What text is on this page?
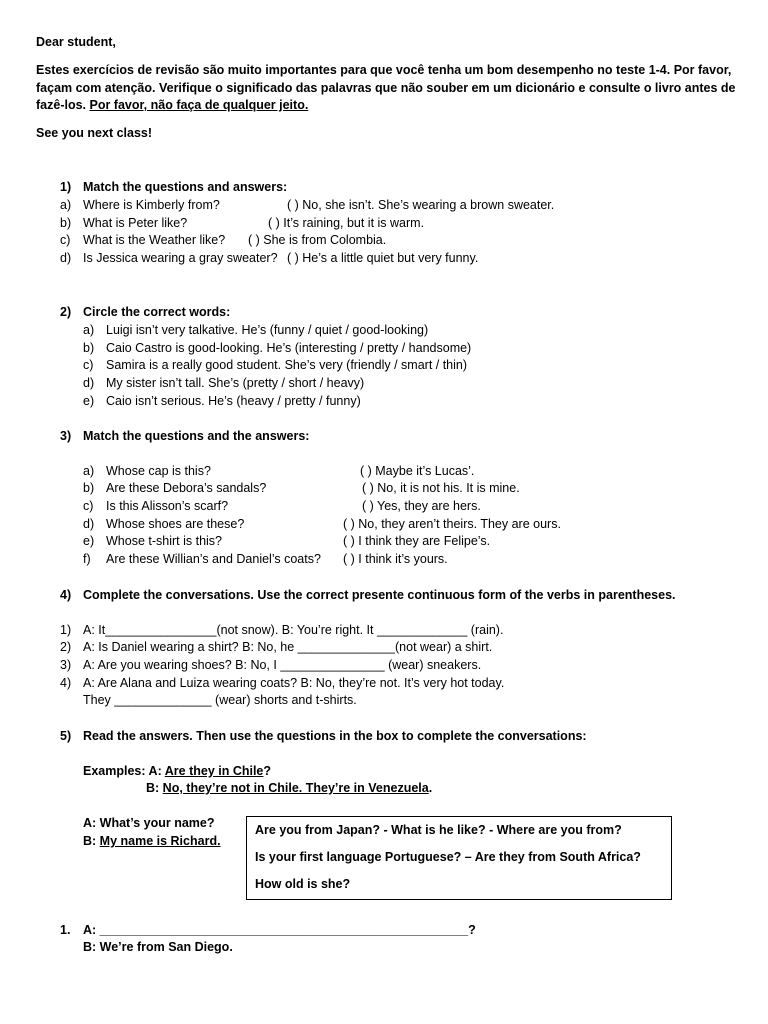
Dear student,
Estes exercícios de revisão são muito importantes para que você tenha um bom desempenho no teste 1-4. Por favor,
façam com atenção. Verifique o significado das palavras que não souber em um dicionário e consulte o livro antes de
fazê-los. Por favor, não faça de qualquer jeito.
See you next class!
1) Match the questions and answers:
a) Where is Kimberly from?	( ) No, she isn’t. She’s wearing a brown sweater.
b) What is Peter like?	( ) It’s raining, but it is warm.
c) What is the Weather like? ( ) She is from Colombia.
d) Is Jessica wearing a gray sweater? ( ) He’s a little quiet but very funny.
2) Circle the correct words:
a) Luigi isn’t very talkative. He’s (funny / quiet / good-looking)
b) Caio Castro is good-looking. He’s (interesting / pretty / handsome)
c) Samira is a really good student. She’s very (friendly / smart / thin)
d) My sister isn’t tall. She’s (pretty / short / heavy)
e) Caio isn’t serious. He’s (heavy / pretty / funny)
3) Match the questions and the answers:
a) Whose cap is this?	( ) Maybe it’s Lucas’.
b) Are these Debora’s sandals?	( ) No, it is not his. It is mine.
c) Is this Alisson’s scarf?	( ) Yes, they are hers.
d) Whose shoes are these?	( ) No, they aren’t theirs. They are ours.
e) Whose t-shirt is this?	( ) I think they are Felipe’s.
f) Are these Willian’s and Daniel’s coats? ( ) I think it’s yours.
4) Complete the conversations. Use the correct presente continuous form of the verbs in parentheses.
1) A: It________________(not snow). B: You’re right. It _____________ (rain).
2) A: Is Daniel wearing a shirt? B: No, he ______________(not wear) a shirt.
3) A: Are you wearing shoes? B: No, I _______________ (wear) sneakers.
4) A: Are Alana and Luiza wearing coats? B: No, they’re not. It’s very hot today.
They ______________ (wear) shorts and t-shirts.
5) Read the answers. Then use the questions in the box to complete the conversations:
Examples: A: Are they in Chile?
B: No, they’re not in Chile. They’re in Venezuela.
A: What’s your name?
B: My name is Richard.
Are you from Japan? - What is he like? - Where are you from?
Is your first language Portuguese? – Are they from South Africa?
How old is she?
1. A: _____________________________________________________?
B: We’re from San Diego.
